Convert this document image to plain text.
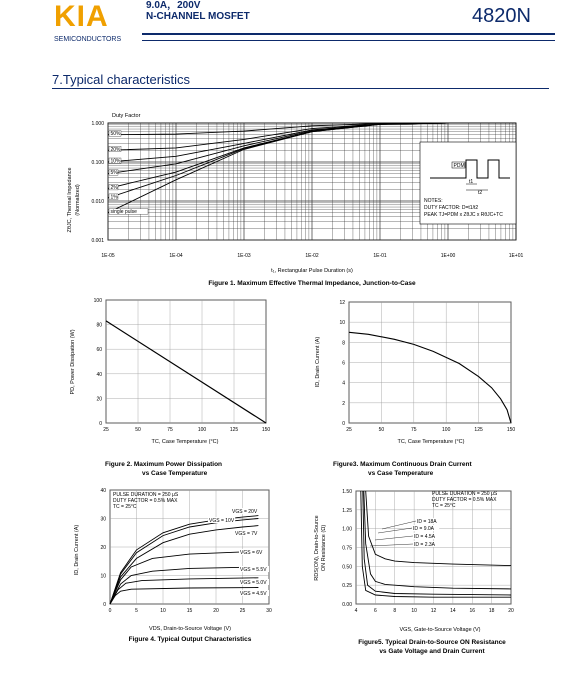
KIA
SEMICONDUCTORS
9.0A，200V
N-CHANNEL MOSFET	4820N
7.Typical characteristics
Duty Factor
ZθJC, Thermal Impedance (Normalized)
1E-05	1E-04	1E-03	1E-02	1E-01	1E+00	1E+01
0.001
0.010
0.100
1.000
50%
20%
10%
5%
2%
1%
single pulse
PDM
t1
t2
NOTES:
DUTY FACTOR: D=t1/t2
PEAK TJ=PDM x ZθJC x RθJC+TC
t₁, Rectangular Pulse Duration (s)
Figure 1. Maximum Effective Thermal Impedance, Junction-to-Case
25	50	75	100	125	150
0
20
40
60
80
100
PD, Power Dissipation (W)
TC, Case Temperature (°C)
Figure 2. Maximum Power Dissipation
vs Case Temperature
25	50	75	100	125	150
0
2
4
6
8
10
12
ID, Drain Current (A)
TC, Case Temperature (°C)
Figure3. Maximum Continuous Drain Current
vs Case Temperature
0	5	10	15	20	25	30
0
10
20
30
40
VGS = 20V
VGS = 10V
VGS = 7V
VGS = 6V
VGS = 5.5V
VGS = 5.0V
VGS = 4.5V
ID, Drain Current (A)
PULSE DURATION = 250 μS
DUTY FACTOR = 0.5% MAX
TC = 25°C
VDS, Drain-to-Source Voltage (V)
Figure 4. Typical Output Characteristics
4	6	8	10	12	14	16	18	20
0.00
0.25
0.50
0.75
1.00
1.25
1.50
ID = 18A
ID = 9.0A
ID = 4.5A
ID = 2.3A
RDS(ON), Drain-to-Source ON Resistance (Ω)
PULSE DURATION = 250 μS
DUTY FACTOR = 0.5% MAX
TC = 25°C
VGS, Gate-to-Source Voltage (V)
Figure5. Typical Drain-to-Source ON Resistance
vs Gate Voltage and Drain Current
